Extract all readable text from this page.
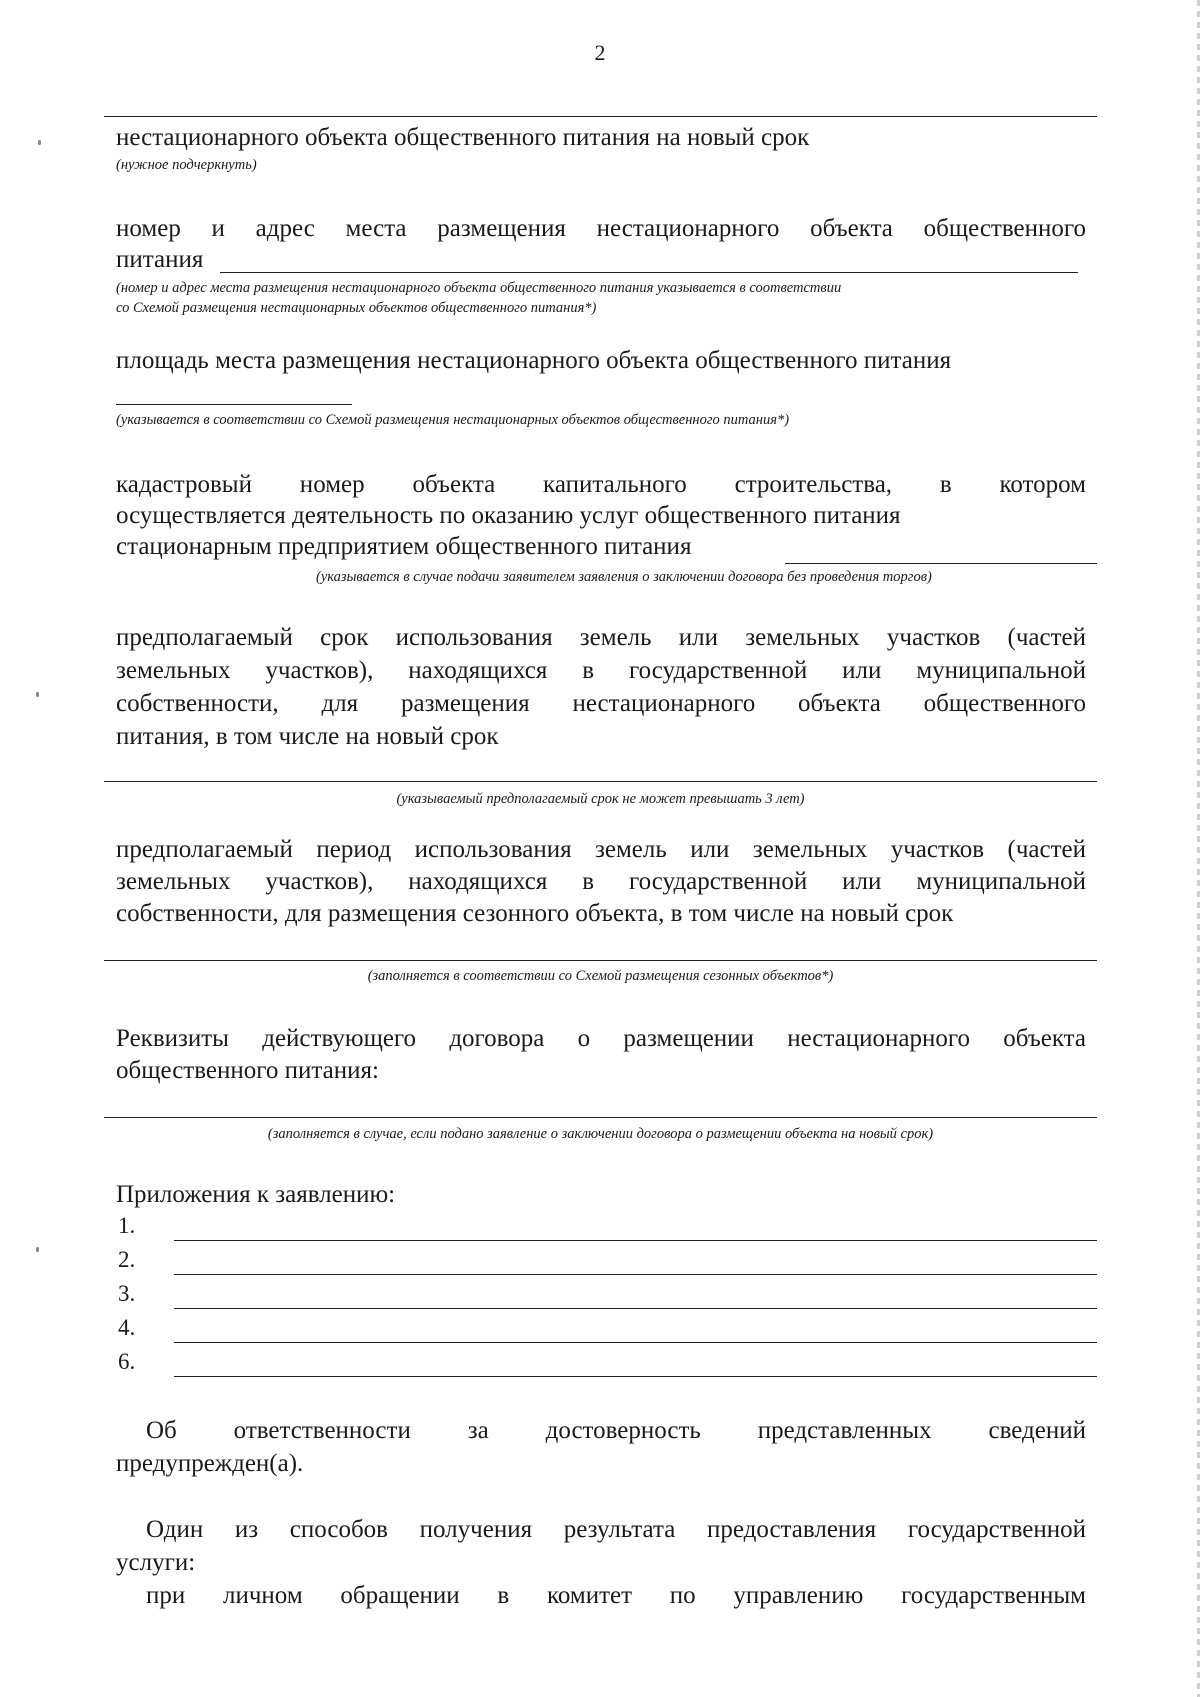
2
нестационарного объекта общественного питания на новый срок
(нужное подчеркнуть)
номер и адрес места размещения нестационарного объекта общественного
питания
(номер и адрес места размещения нестационарного объекта общественного питания указывается в соответствии
со Схемой размещения нестационарных объектов общественного питания*)
площадь места размещения нестационарного объекта общественного питания
(указывается в соответствии со Схемой размещения нестационарных объектов общественного питания*)
кадастровый номер объекта капитального строительства, в котором
осуществляется деятельность по оказанию услуг общественного питания
стационарным предприятием общественного питания
(указывается в случае подачи заявителем заявления о заключении договора без проведения торгов)
предполагаемый срок использования земель или земельных участков (частей
земельных участков), находящихся в государственной или муниципальной
собственности, для размещения нестационарного объекта общественного
питания, в том числе на новый срок
(указываемый предполагаемый срок не может превышать 3 лет)
предполагаемый период использования земель или земельных участков (частей
земельных участков), находящихся в государственной или муниципальной
собственности, для размещения сезонного объекта, в том числе на новый срок
(заполняется в соответствии со Схемой размещения сезонных объектов*)
Реквизиты действующего договора о размещении нестационарного объекта
общественного питания:
(заполняется в случае, если подано заявление о заключении договора о размещении объекта на новый срок)
Приложения к заявлению:
1.
2.
3.
4.
6.
Об ответственности за достоверность представленных сведений
предупрежден(а).
Один из способов получения результата предоставления государственной
услуги:
при личном обращении в комитет по управлению государственным
